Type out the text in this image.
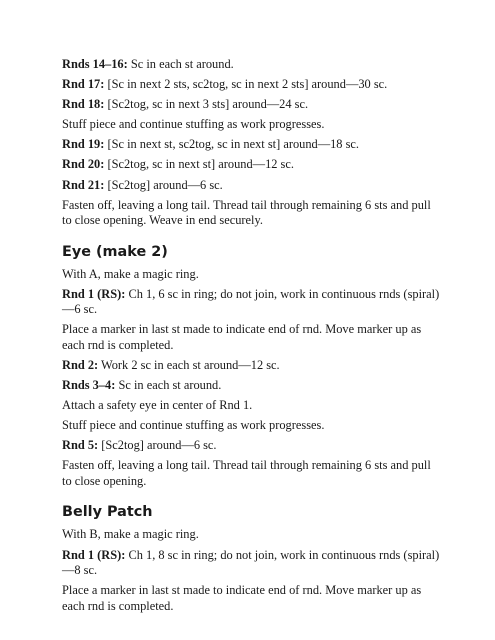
Rnds 14–16: Sc in each st around.

Rnd 17: [Sc in next 2 sts, sc2tog, sc in next 2 sts] around—30 sc.

Rnd 18: [Sc2tog, sc in next 3 sts] around—24 sc.

Stuff piece and continue stuffing as work progresses.

Rnd 19: [Sc in next st, sc2tog, sc in next st] around—18 sc.

Rnd 20: [Sc2tog, sc in next st] around—12 sc.

Rnd 21: [Sc2tog] around—6 sc.

Fasten off, leaving a long tail. Thread tail through remaining 6 sts and pull to close opening. Weave in end securely.

Eye (make 2)

With A, make a magic ring.

Rnd 1 (RS): Ch 1, 6 sc in ring; do not join, work in continuous rnds (spiral) —6 sc.

Place a marker in last st made to indicate end of rnd. Move marker up as each rnd is completed.

Rnd 2: Work 2 sc in each st around—12 sc.

Rnds 3–4: Sc in each st around.

Attach a safety eye in center of Rnd 1.

Stuff piece and continue stuffing as work progresses.

Rnd 5: [Sc2tog] around—6 sc.

Fasten off, leaving a long tail. Thread tail through remaining 6 sts and pull to close opening.

Belly Patch

With B, make a magic ring.

Rnd 1 (RS): Ch 1, 8 sc in ring; do not join, work in continuous rnds (spiral) —8 sc.

Place a marker in last st made to indicate end of rnd. Move marker up as each rnd is completed.
